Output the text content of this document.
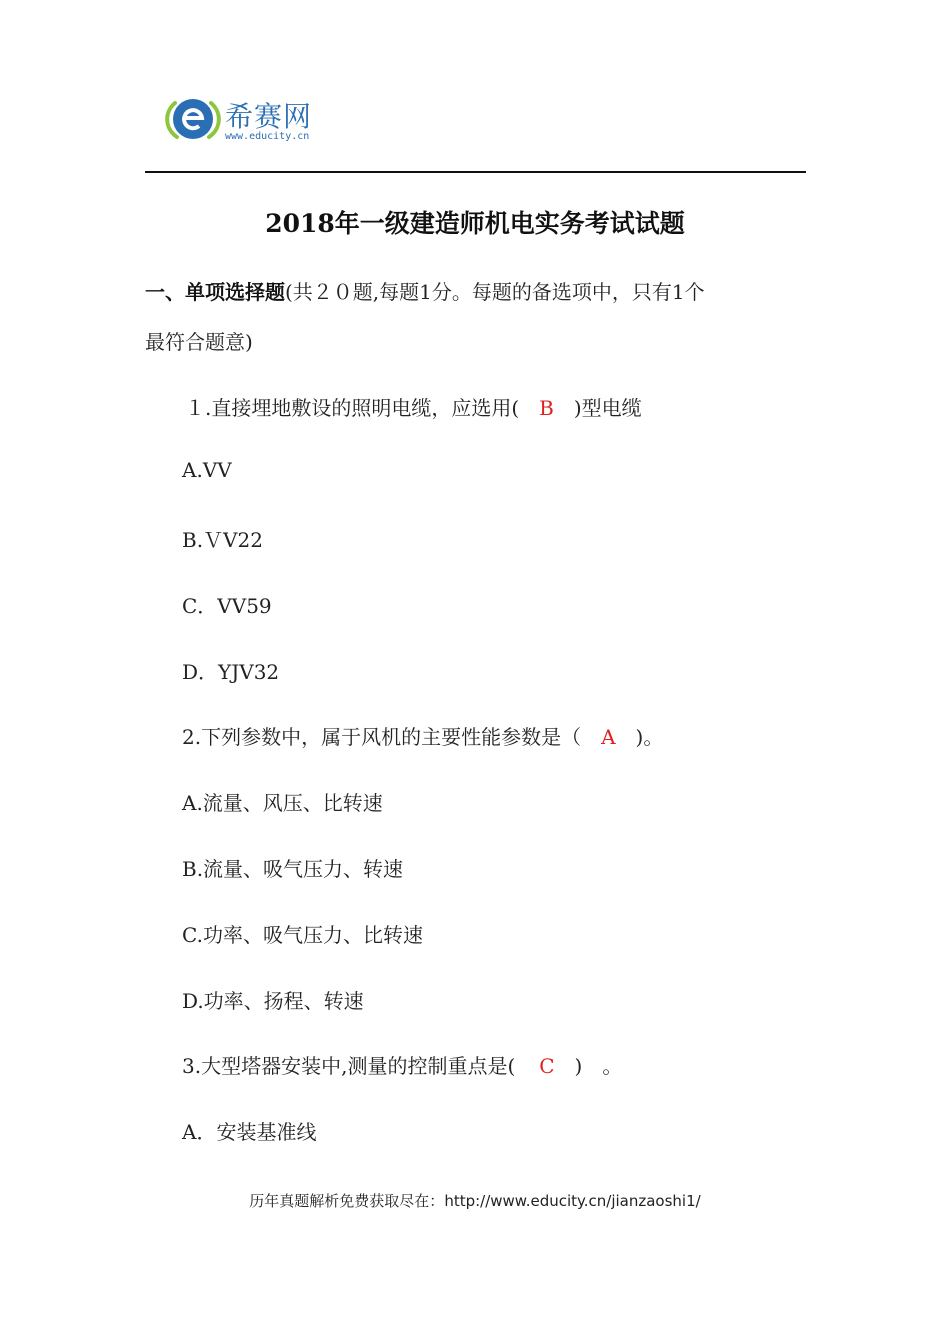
希赛网
www.educity.cn
2018年一级建造师机电实务考试试题
一、单项选择题(共２０题,每题1分。每题的备选项中，只有1个
最符合题意)
１.直接埋地敷设的照明电缆，应选用(　B　)型电缆
A.VV
B.ＶV22
C．VV59
D．YJV32
2.下列参数中，属于风机的主要性能参数是（　A　)。
A.流量、风压、比转速
B.流量、吸气压力、转速
C.功率、吸气压力、比转速
D.功率、扬程、转速
3.大型塔器安装中,测量的控制重点是( C　)　。
A．安装基准线
历年真题解析免费获取尽在：http://www.educity.cn/jianzaoshi1/
